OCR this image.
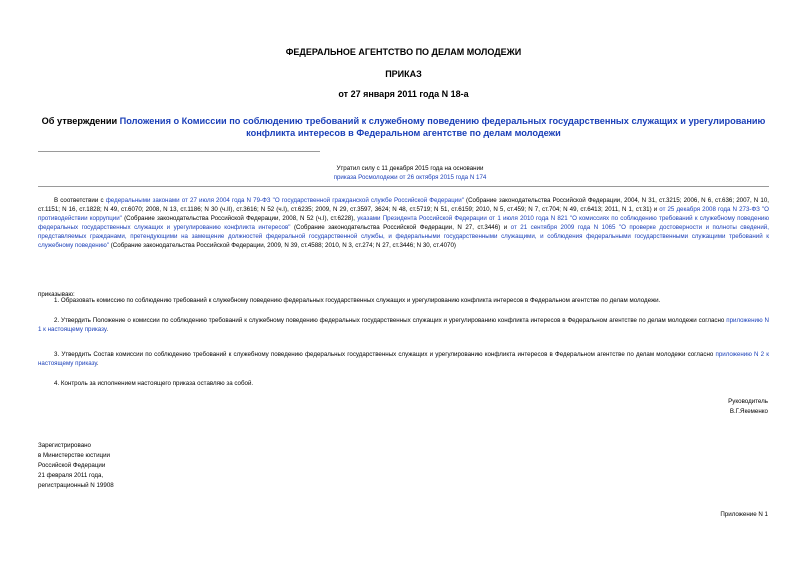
ФЕДЕРАЛЬНОЕ АГЕНТСТВО ПО ДЕЛАМ МОЛОДЕЖИ
ПРИКАЗ
от 27 января 2011 года N 18-а
Об утверждении Положения о Комиссии по соблюдению требований к служебному поведению федеральных государственных служащих и урегулированию конфликта интересов в Федеральном агентстве по делам молодежи
Утратил силу с 11 декабря 2015 года на основании
приказа Росмолодежи от 26 октября 2015 года N 174
В соответствии с федеральными законами от 27 июля 2004 года N 79-ФЗ "О государственной гражданской службе Российской Федерации" (Собрание законодательства Российской Федерации, 2004, N 31, ст.3215; 2006, N 6, ст.636; 2007, N 10, ст.1151; N 16, ст.1828; N 49, ст.6070; 2008, N 13, ст.1186; N 30 (ч.II), ст.3616; N 52 (ч.I), ст.6235; 2009, N 29, ст.3597, 3624; N 48, ст.5719; N 51, ст.6159; 2010, N 5, ст.459; N 7, ст.704; N 49, ст.6413; 2011, N 1, ст.31) и от 25 декабря 2008 года N 273-ФЗ "О противодействии коррупции" (Собрание законодательства Российской Федерации, 2008, N 52 (ч.I), ст.6228), указами Президента Российской Федерации от 1 июля 2010 года N 821 "О комиссиях по соблюдению требований к служебному поведению федеральных государственных служащих и урегулированию конфликта интересов" (Собрание законодательства Российской Федерации, N 27, ст.3446) и от 21 сентября 2009 года N 1065 "О проверке достоверности и полноты сведений, представляемых гражданами, претендующими на замещение должностей федеральной государственной службы, и федеральными государственными служащими, и соблюдения федеральными государственными служащими требований к служебному поведению" (Собрание законодательства Российской Федерации, 2009, N 39, ст.4588; 2010, N 3, ст.274; N 27, ст.3446; N 30, ст.4070)
приказываю:
1. Образовать комиссию по соблюдению требований к служебному поведению федеральных государственных служащих и урегулированию конфликта интересов в Федеральном агентстве по делам молодежи.
2. Утвердить Положение о комиссии по соблюдению требований к служебному поведению федеральных государственных служащих и урегулированию конфликта интересов в Федеральном агентстве по делам молодежи согласно приложению N 1 к настоящему приказу.
3. Утвердить Состав комиссии по соблюдению требований к служебному поведению федеральных государственных служащих и урегулированию конфликта интересов в Федеральном агентстве по делам молодежи согласно приложению N 2 к настоящему приказу.
4. Контроль за исполнением настоящего приказа оставляю за собой.
Руководитель
В.Г.Якеменко
Зарегистрировано
в Министерстве юстиции
Российской Федерации
21 февраля 2011 года,
регистрационный N 19908
Приложение N 1
